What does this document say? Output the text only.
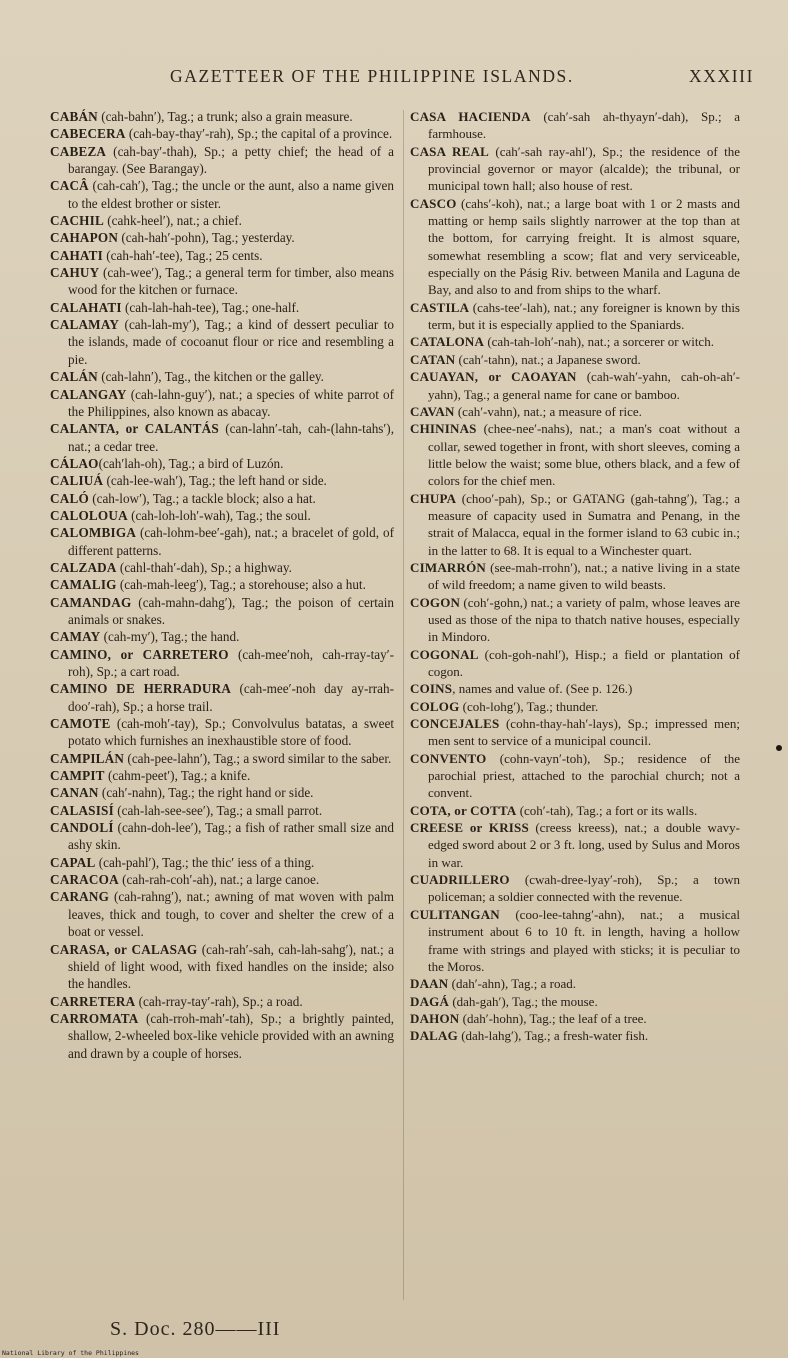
GAZETTEER OF THE PHILIPPINE ISLANDS.	XXXIII

CABÁN (cah-bahn′), Tag.; a trunk; also a grain measure.

CABECERA (cah-bay-thay′-rah), Sp.; the capital of a province.

CABEZA (cah-bay′-thah), Sp.; a petty chief; the head of a barangay. (See Barangay).

CACÂ (cah-cah′), Tag.; the uncle or the aunt, also a name given to the eldest brother or sister.

CACHIL (cahk-heel′), nat.; a chief.

CAHAPON (cah-hah′-pohn), Tag.; yesterday.

CAHATI (cah-hah′-tee), Tag.; 25 cents.

CAHUY (cah-wee′), Tag.; a general term for timber, also means wood for the kitchen or furnace.

CALAHATI (cah-lah-hah-tee), Tag.; one-half.

CALAMAY (cah-lah-my′), Tag.; a kind of dessert peculiar to the islands, made of cocoanut flour or rice and resembling a pie.

CALÁN (cah-lahn′), Tag., the kitchen or the galley.

CALANGAY (cah-lahn-guy′), nat.; a species of white parrot of the Philippines, also known as abacay.

CALANTA, or CALANTÁS (can-lahn′-tah, cah-(lahn-tahs′), nat.; a cedar tree.

CÁLAO(cah′lah-oh), Tag.; a bird of Luzón.

CALIUÁ (cah-lee-wah′), Tag.; the left hand or side.

CALÓ (cah-low′), Tag.; a tackle block; also a hat.

CALOLOUA (cah-loh-loh′-wah), Tag.; the soul.

CALOMBIGA (cah-lohm-bee′-gah), nat.; a bracelet of gold, of different patterns.

CALZADA (cahl-thah′-dah), Sp.; a highway.

CAMALIG (cah-mah-leeg′), Tag.; a storehouse; also a hut.

CAMANDAG (cah-mahn-dahg′), Tag.; the poison of certain animals or snakes.

CAMAY (cah-my′), Tag.; the hand.

CAMINO, or CARRETERO (cah-mee′noh, cah-rray-tay′-roh), Sp.; a cart road.

CAMINO DE HERRADURA (cah-mee′-noh day ay-rrah-doo′-rah), Sp.; a horse trail.

CAMOTE (cah-moh′-tay), Sp.; Convolvulus batatas, a sweet potato which furnishes an inexhaustible store of food.

CAMPILÁN (cah-pee-lahn′), Tag.; a sword similar to the saber.

CAMPIT (cahm-peet′), Tag.; a knife.

CANAN (cah′-nahn), Tag.; the right hand or side.

CALASISÍ (cah-lah-see-see′), Tag.; a small parrot.

CANDOLÍ (cahn-doh-lee′), Tag.; a fish of rather small size and ashy skin.

CAPAL (cah-pahl′), Tag.; the thic′ iess of a thing.

CARACOA (cah-rah-coh′-ah), nat.; a large canoe.

CARANG (cah-rahng′), nat.; awning of mat woven with palm leaves, thick and tough, to cover and shelter the crew of a boat or vessel.

CARASA, or CALASAG (cah-rah′-sah, cah-lah-sahg′), nat.; a shield of light wood, with fixed handles on the inside; also the handles.

CARRETERA (cah-rray-tay′-rah), Sp.; a road.

CARROMATA (cah-rroh-mah′-tah), Sp.; a brightly painted, shallow, 2-wheeled box-like vehicle provided with an awning and drawn by a couple of horses.

CASA HACIENDA (cah′-sah ah-thyayn′-dah), Sp.; a farmhouse.

CASA REAL (cah′-sah ray-ahl′), Sp.; the residence of the provincial governor or mayor (alcalde); the tribunal, or municipal town hall; also house of rest.

CASCO (cahs′-koh), nat.; a large boat with 1 or 2 masts and matting or hemp sails slightly narrower at the top than at the bottom, for carrying freight. It is almost square, somewhat resembling a scow; flat and very serviceable, especially on the Pásig Riv. between Manila and Laguna de Bay, and also to and from ships to the wharf.

CASTILA (cahs-tee′-lah), nat.; any foreigner is known by this term, but it is especially applied to the Spaniards.

CATALONA (cah-tah-loh′-nah), nat.; a sorcerer or witch.

CATAN (cah′-tahn), nat.; a Japanese sword.

CAUAYAN, or CAOAYAN (cah-wah′-yahn, cah-oh-ah′-yahn), Tag.; a general name for cane or bamboo.

CAVAN (cah′-vahn), nat.; a measure of rice.

CHININAS (chee-nee′-nahs), nat.; a man's coat without a collar, sewed together in front, with short sleeves, coming a little below the waist; some blue, others black, and a few of colors for the chief men.

CHUPA (choo′-pah), Sp.; or GATANG (gah-tahng′), Tag.; a measure of capacity used in Sumatra and Penang, in the strait of Malacca, equal in the former island to 63 cubic in.; in the latter to 68. It is equal to a Winchester quart.

CIMARRÓN (see-mah-rrohn′), nat.; a native living in a state of wild freedom; a name given to wild beasts.

COGON (coh′-gohn,) nat.; a variety of palm, whose leaves are used as those of the nipa to thatch native houses, especially in Mindoro.

COGONAL (coh-goh-nahl′), Hisp.; a field or plantation of cogon.

COINS, names and value of. (See p. 126.)

COLOG (coh-lohg′), Tag.; thunder.

CONCEJALES (cohn-thay-hah′-lays), Sp.; impressed men; men sent to service of a municipal council.

CONVENTO (cohn-vayn′-toh), Sp.; residence of the parochial priest, attached to the parochial church; not a convent.

COTA, or COTTA (coh′-tah), Tag.; a fort or its walls.

CREESE or KRISS (creess kreess), nat.; a double wavy-edged sword about 2 or 3 ft. long, used by Sulus and Moros in war.

CUADRILLERO (cwah-dree-lyay′-roh), Sp.; a town policeman; a soldier connected with the revenue.

CULITANGAN (coo-lee-tahng′-ahn), nat.; a musical instrument about 6 to 10 ft. in length, having a hollow frame with strings and played with sticks; it is peculiar to the Moros.

DAAN (dah′-ahn), Tag.; a road.

DAGÁ (dah-gah′), Tag.; the mouse.

DAHON (dah′-hohn), Tag.; the leaf of a tree.

DALAG (dah-lahg′), Tag.; a fresh-water fish.

S. Doc. 280——III
National Library of the Philippines
